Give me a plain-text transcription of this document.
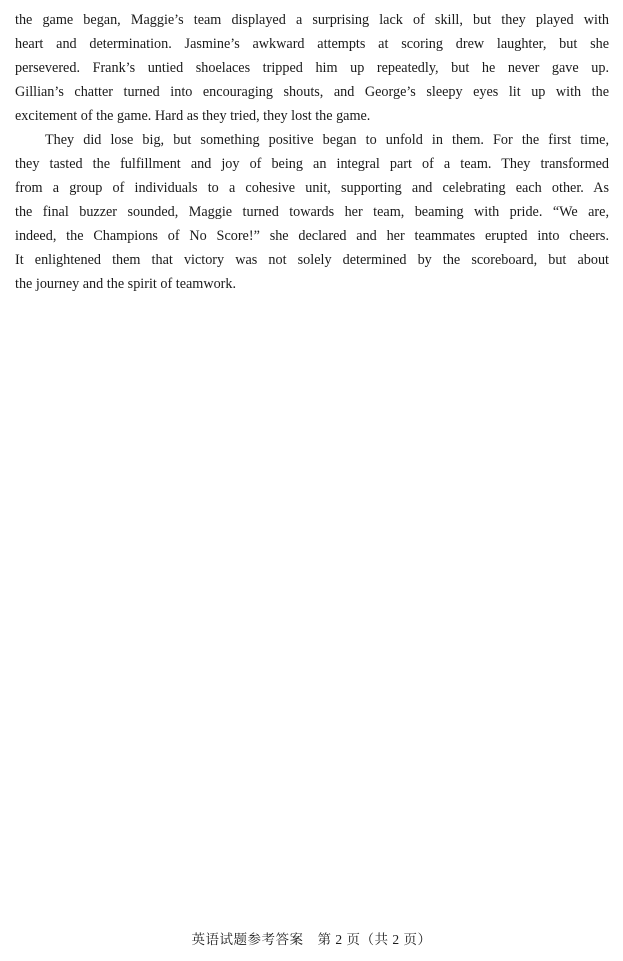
the game began, Maggie’s team displayed a surprising lack of skill, but they played with
heart and determination. Jasmine’s awkward attempts at scoring drew laughter, but she
persevered. Frank’s untied shoelaces tripped him up repeatedly, but he never gave up.
Gillian’s chatter turned into encouraging shouts, and George’s sleepy eyes lit up with the
excitement of the game. Hard as they tried, they lost the game.
They did lose big, but something positive began to unfold in them. For the first time,
they tasted the fulfillment and joy of being an integral part of a team. They transformed
from a group of individuals to a cohesive unit, supporting and celebrating each other. As
the final buzzer sounded, Maggie turned towards her team, beaming with pride. “We are,
indeed, the Champions of No Score!” she declared and her teammates erupted into cheers.
It enlightened them that victory was not solely determined by the scoreboard, but about
the journey and the spirit of teamwork.
英语试题参考答案　第 2 页（共 2 页）
